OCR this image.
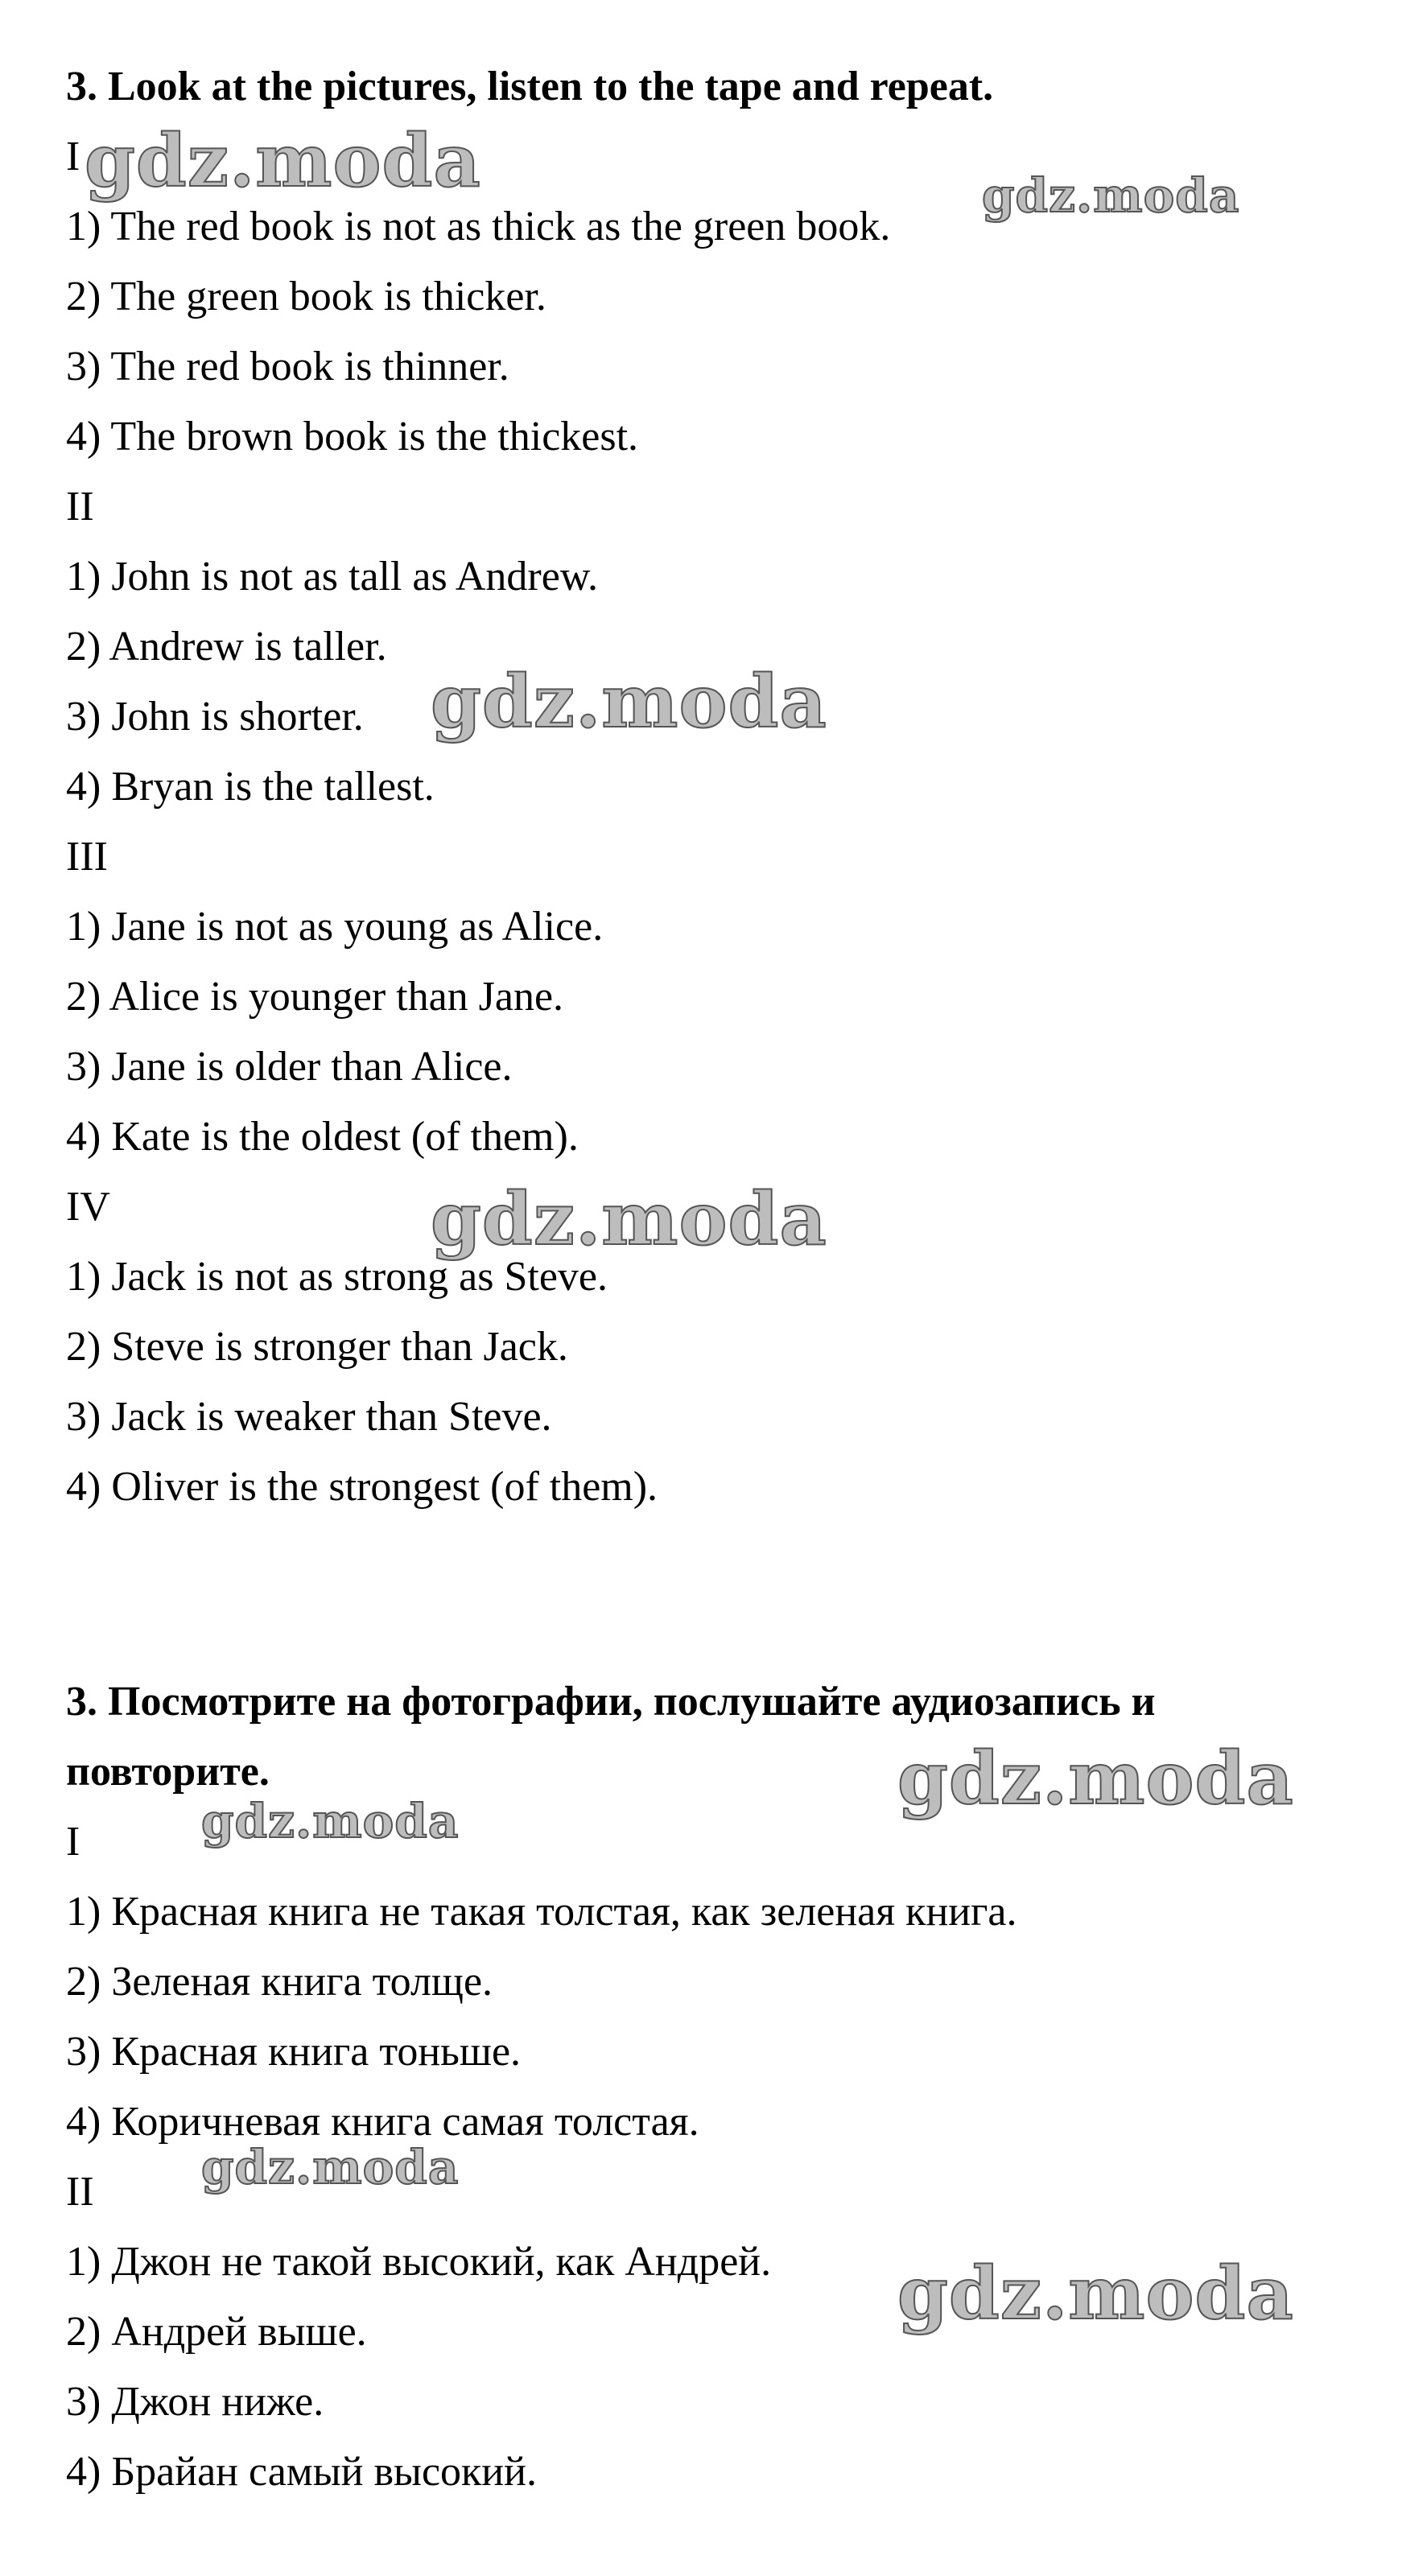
3. Look at the pictures, listen to the tape and repeat.
I
1) The red book is not as thick as the green book.
2) The green book is thicker.
3) The red book is thinner.
4) The brown book is the thickest.
II
1) John is not as tall as Andrew.
2) Andrew is taller.
3) John is shorter.
4) Bryan is the tallest.
III
1) Jane is not as young as Alice.
2) Alice is younger than Jane.
3) Jane is older than Alice.
4) Kate is the oldest (of them).
IV
1) Jack is not as strong as Steve.
2) Steve is stronger than Jack.
3) Jack is weaker than Steve.
4) Oliver is the strongest (of them).
3. Посмотрите на фотографии, послушайте аудиозапись и
повторите.
I
1) Красная книга не такая толстая, как зеленая книга.
2) Зеленая книга толще.
3) Красная книга тоньше.
4) Коричневая книга самая толстая.
II
1) Джон не такой высокий, как Андрей.
2) Андрей выше.
3) Джон ниже.
4) Брайан самый высокий.
gdz.moda	gdz.moda
gdz.moda
gdz.moda
gdz.moda
gdz.moda
gdz.moda
gdz.moda
